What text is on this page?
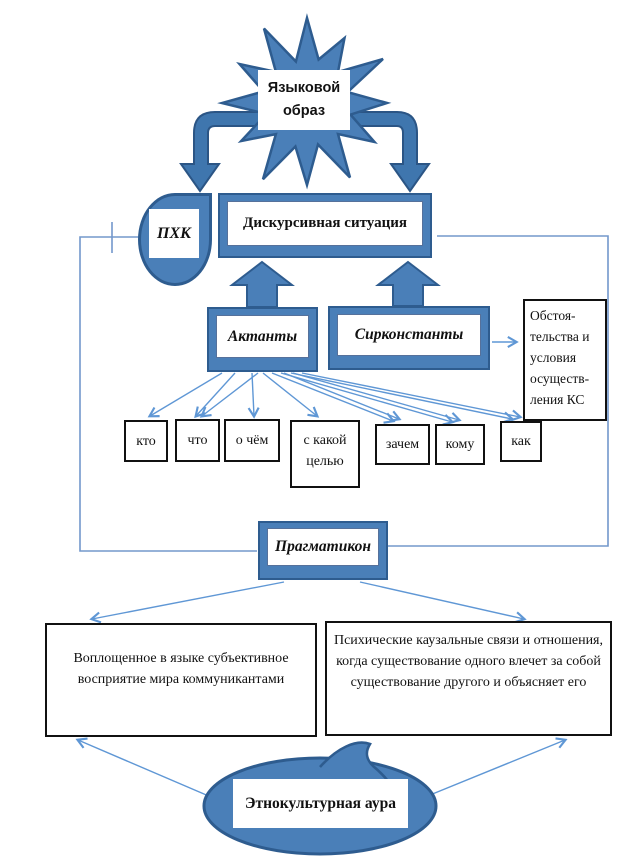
Языковой образ
ПХК
Дискурсивная ситуация
Актанты	Сирконстанты
Обстоя-
тельства и
условия
осуществ-
ления КС
кто что о чём	с какой целью
зачем кому	как
Прагматикон
Воплощенное в языке субъективное восприятие мира коммуникантами
Психические каузальные связи и отношения, когда существование одного влечет за собой существование другого и объясняет его
Этнокультурная аура
